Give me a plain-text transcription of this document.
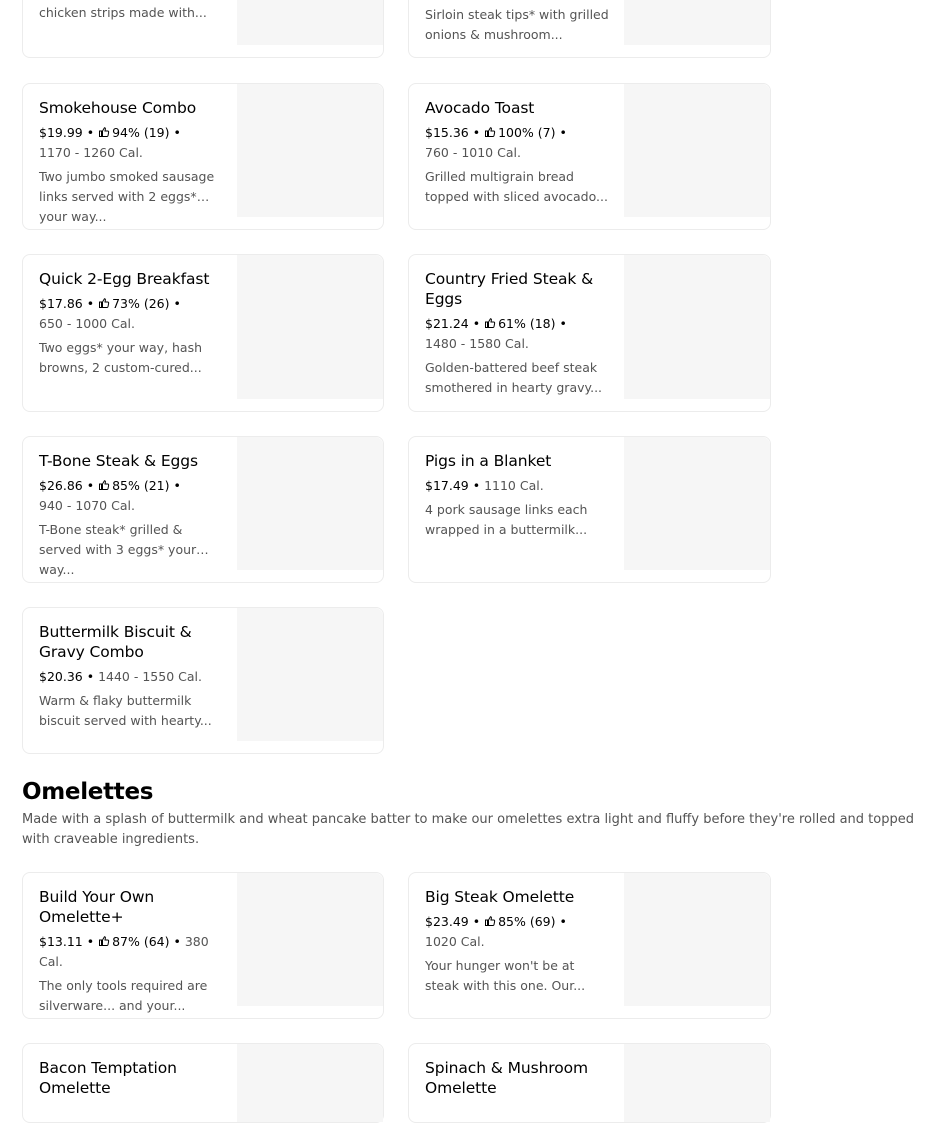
chicken strips made with...	Sirloin steak tips* with grilled onions & mushroom...
Smokehouse Combo
$19.99 • 94% (19) •
1170 - 1260 Cal.
Two jumbo smoked sausage links served with 2 eggs* your way...
Avocado Toast
$15.36 • 100% (7) •
760 - 1010 Cal.
Grilled multigrain bread topped with sliced avocado...
Quick 2-Egg Breakfast
$17.86 • 73% (26) •
650 - 1000 Cal.
Two eggs* your way, hash browns, 2 custom-cured...
Country Fried Steak & Eggs
$21.24 • 61% (18) •
1480 - 1580 Cal.
Golden-battered beef steak smothered in hearty gravy...
T-Bone Steak & Eggs
$26.86 • 85% (21) •
940 - 1070 Cal.
T-Bone steak* grilled & served with 3 eggs* your way...
Pigs in a Blanket
$17.49 • 1110 Cal.
4 pork sausage links each wrapped in a buttermilk...
Buttermilk Biscuit & Gravy Combo
$20.36 • 1440 - 1550 Cal.
Warm & flaky buttermilk biscuit served with hearty...
Omelettes

Made with a splash of buttermilk and wheat pancake batter to make our omelettes extra light and fluffy before they're rolled and topped with craveable ingredients.

Build Your Own Omelette+
$13.11 • 87% (64) • 380 Cal.
The only tools required are silverware... and your...
Big Steak Omelette
$23.49 • 85% (69) •
1020 Cal.
Your hunger won't be at steak with this one. Our...
Bacon Temptation Omelette
Spinach & Mushroom Omelette
